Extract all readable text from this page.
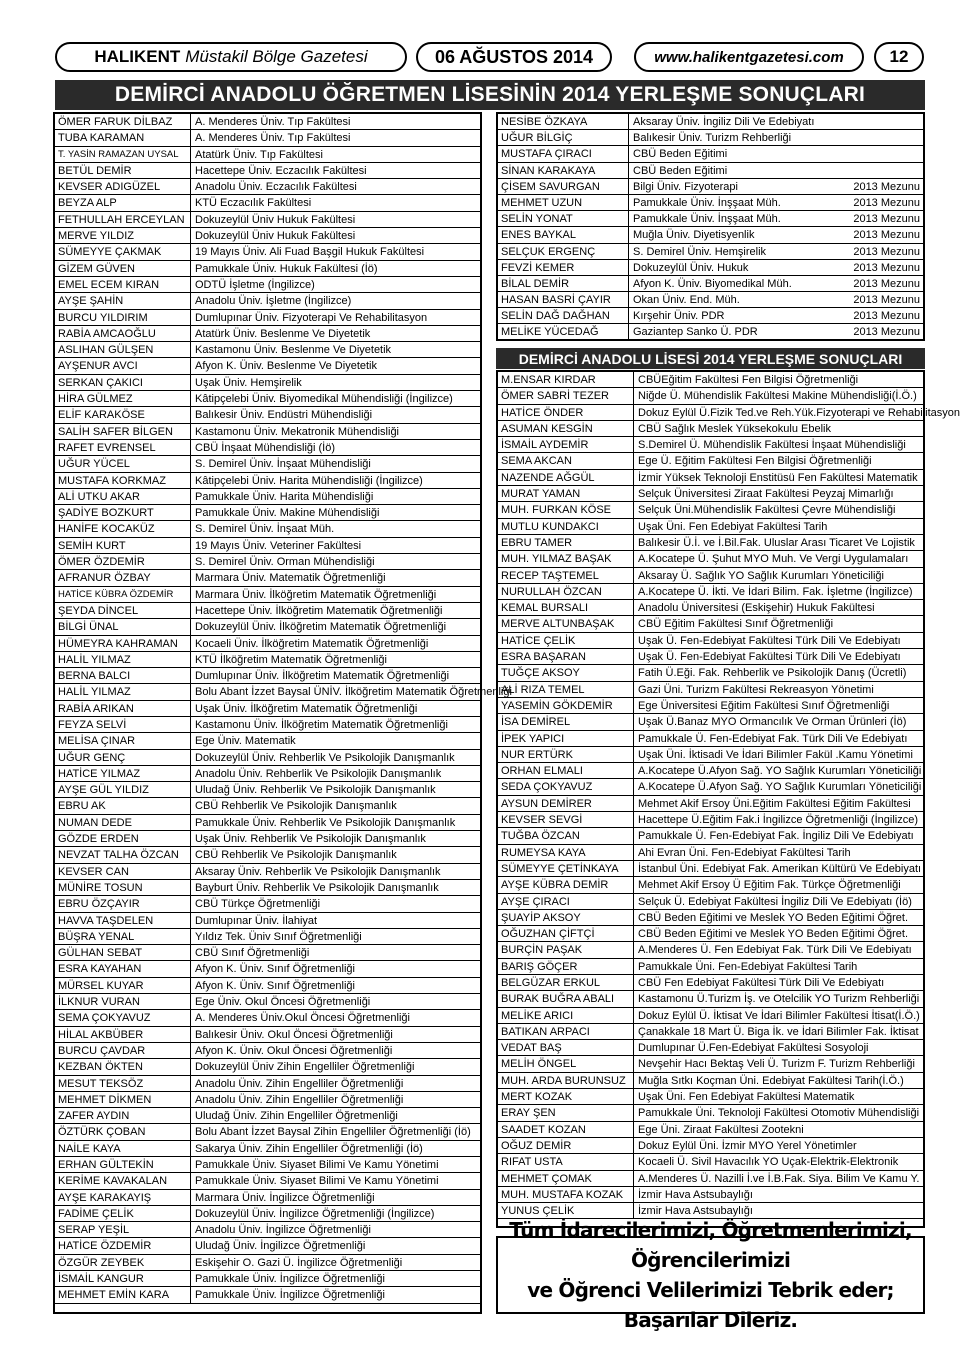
HALIKENT Müstakil Bölge Gazetesi	06 AĞUSTOS 2014	www.halikentgazetesi.com	12
DEMİRCİ ANADOLU ÖĞRETMEN LİSESİNİN 2014 YERLEŞME SONUÇLARI
ÖMER FARUK DİLBAZ	A. Menderes Üniv. Tıp Fakültesi
TUBA KARAMAN	A. Menderes Üniv. Tıp Fakültesi
T. YASİN RAMAZAN UYSAL	Atatürk Üniv. Tıp Fakültesi
BETÜL DEMİR	Hacettepe Üniv. Eczacılık Fakültesi
KEVSER ADIGÜZEL	Anadolu Üniv. Eczacılık Fakültesi
BEYZA ALP	KTÜ Eczacılık Fakültesi
FETHULLAH ERCEYLAN Dokuzeylül Üniv Hukuk Fakültesi
MERVE YILDIZ	Dokuzeylül Üniv Hukuk Fakültesi
SÜMEYYE ÇAKMAK	19 Mayıs Üniv. Ali Fuad Başgil Hukuk Fakültesi
GİZEM GÜVEN	Pamukkale Üniv. Hukuk Fakültesi (İö)
EMEL ECEM KIRAN	ODTÜ İşletme (İngilizce)
AYŞE ŞAHİN	Anadolu Üniv. İşletme (İngilizce)
BURCU YILDIRIM	Dumlupınar Üniv. Fizyoterapi Ve Rehabilitasyon
RABİA AMCAOĞLU	Atatürk Üniv. Beslenme Ve Diyetetik
ASLIHAN GÜLŞEN	Kastamonu Üniv. Beslenme Ve Diyetetik
AYŞENUR AVCI	Afyon K. Üniv. Beslenme Ve Diyetetik
SERKAN ÇAKICI	Uşak Üniv. Hemşirelik
HİRA GÜLMEZ	Kâtipçelebi Üniv. Biyomedikal Mühendisliği (İngilizce)
ELİF KARAKÖSE	Balıkesir Üniv. Endüstri Mühendisliği
SALİH SAFER BİLGEN	Kastamonu Üniv. Mekatronik Mühendisliği
RAFET EVRENSEL	CBÜ İnşaat Mühendisliği (İö)
UĞUR YÜCEL	S. Demirel Üniv. İnşaat Mühendisliği
MUSTAFA KORKMAZ	Kâtipçelebi Üniv. Harita Mühendisliği (İngilizce)
ALİ UTKU AKAR	Pamukkale Üniv. Harita Mühendisliği
ŞADİYE BOZKURT	Pamukkale Üniv. Makine Mühendisliği
HANİFE KOCAKÜZ	S. Demirel Üniv. İnşaat Müh.
SEMİH KURT	19 Mayıs Üniv. Veteriner Fakültesi
ÖMER ÖZDEMİR	S. Demirel Üniv. Orman Mühendisliği
AFRANUR ÖZBAY	Marmara Üniv. Matematik Öğretmenliği
HATİCE KÜBRA ÖZDEMİR	Marmara Üniv. İlköğretim Matematik Öğretmenliği
ŞEYDA DİNCEL	Hacettepe Üniv. İlköğretim Matematik Öğretmenliği
BİLGİ ÜNAL	Dokuzeylül Üniv. İlköğretim Matematik Öğretmenliği
HÜMEYRA KAHRAMAN	Kocaeli Üniv. İlköğretim Matematik Öğretmenliği
HALİL YILMAZ	KTÜ İlköğretim Matematik Öğretmenliği
BERNA BALCI	Dumlupınar Üniv. İlköğretim Matematik Öğretmenliği
HALİL YILMAZ	Bolu Abant İzzet Baysal ÜNİV. İlköğretim Matematik Öğretmenliği
RABİA ARIKAN	Uşak Üniv. İlköğretim Matematik Öğretmenliği
FEYZA SELVİ	Kastamonu Üniv. İlköğretim Matematik Öğretmenliği
MELİSA ÇINAR	Ege Üniv. Matematik
UĞUR GENÇ	Dokuzeylül Üniv. Rehberlik Ve Psikolojik Danışmanlık
HATİCE YILMAZ	Anadolu Üniv. Rehberlik Ve Psikolojik Danışmanlık
AYŞE GÜL YILDIZ	Uludağ Üniv. Rehberlik Ve Psikolojik Danışmanlık
EBRU AK	CBÜ Rehberlik Ve Psikolojik Danışmanlık
NUMAN DEDE	Pamukkale Üniv. Rehberlik Ve Psikolojik Danışmanlık
GÖZDE ERDEN	Uşak Üniv. Rehberlik Ve Psikolojik Danışmanlık
NEVZAT TALHA ÖZCAN	CBÜ Rehberlik Ve Psikolojik Danışmanlık
KEVSER CAN	Aksaray Üniv. Rehberlik Ve Psikolojik Danışmanlık
MÜNİRE TOSUN	Bayburt Üniv. Rehberlik Ve Psikolojik Danışmanlık
EBRU ÖZÇAYIR	CBÜ Türkçe Öğretmenliği
HAVVA TAŞDELEN	Dumlupınar Üniv. İlahiyat
BÜŞRA YENAL	Yıldız Tek. Üniv Sınıf Öğretmenliği
GÜLHAN SEBAT	CBÜ Sınıf Öğretmenliği
ESRA KAYAHAN	Afyon K. Üniv. Sınıf Öğretmenliği
MÜRSEL KUYAR	Afyon K. Üniv. Sınıf Öğretmenliği
İLKNUR VURAN	Ege Üniv. Okul Öncesi Öğretmenliği
SEMA ÇOKYAVUZ	A. Menderes Üniv.Okul Öncesi Öğretmenliği
HİLAL AKBÜBER	Balıkesir Üniv. Okul Öncesi Öğretmenliği
BURCU ÇAVDAR	Afyon K. Üniv. Okul Öncesi Öğretmenliği
KEZBAN ÖKTEN	Dokuzeylül Üniv Zihin Engelliler Öğretmenliği
MESUT TEKSÖZ	Anadolu Üniv. Zihin Engelliler Öğretmenliği
MEHMET DİKMEN	Anadolu Üniv. Zihin Engelliler Öğretmenliği
ZAFER AYDIN	Uludağ Üniv. Zihin Engelliler Öğretmenliği
ÖZTÜRK ÇOBAN	Bolu Abant İzzet Baysal Zihin Engelliler Öğretmenliği (İö)
NAİLE KAYA	Sakarya Üniv. Zihin Engelliler Öğretmenliği (İö)
ERHAN GÜLTEKİN	Pamukkale Üniv. Siyaset Bilimi Ve Kamu Yönetimi
KERİME KAVAKALAN	Pamukkale Üniv. Siyaset Bilimi Ve Kamu Yönetimi
AYŞE KARAKAYIŞ	Marmara Üniv. İngilizce Öğretmenliği
FADİME ÇELİK	Dokuzeylül Üniv. İngilizce Öğretmenliği (İngilizce)
SERAP YEŞİL	Anadolu Üniv. İngilizce Öğretmenliği
HATİCE ÖZDEMİR	Uludağ Üniv. İngilizce Öğretmenliği
ÖZGÜR ZEYBEK	Eskişehir O. Gazi Ü. İngilizce Öğretmenliği
İSMAİL KANGUR	Pamukkale Üniv. İngilizce Öğretmenliği
MEHMET EMİN KARA	Pamukkale Üniv. İngilizce Öğretmenliği
NESİBE ÖZKAYA	Aksaray Üniv. İngiliz Dili Ve Edebiyatı
UĞUR BİLGİÇ	Balıkesir Üniv. Turizm Rehberliği
MUSTAFA ÇIRACI	CBÜ Beden Eğitimi
SİNAN KARAKAYA	CBÜ Beden Eğitimi
ÇİSEM SAVURGAN	Bilgi Üniv. Fizyoterapi	2013 Mezunu
MEHMET UZUN	Pamukkale Üniv. İnşşaat Müh.	2013 Mezunu
SELİN YONAT	Pamukkale Üniv. İnşşaat Müh.	2013 Mezunu
ENES BAYKAL	Muğla Üniv. Diyetisyenlik	2013 Mezunu
SELÇUK ERGENÇ	S. Demirel Üniv. Hemşirelik	2013 Mezunu
FEVZİ KEMER	Dokuzeylül Üniv. Hukuk	2013 Mezunu
BİLAL DEMİR	Afyon K. Üniv. Biyomedikal Müh.	2013 Mezunu
HASAN BASRİ ÇAYIR	Okan Üniv. End. Müh.	2013 Mezunu
SELİN DAĞ DAĞHAN	Kırşehir Üniv. PDR	2013 Mezunu
MELİKE YÜCEDAĞ	Gaziantep Sanko Ü. PDR	2013 Mezunu
DEMİRCİ ANADOLU LİSESİ 2014 YERLEŞME SONUÇLARI
M.ENSAR KIRDAR	CBÜEğitim Fakültesi Fen Bilgisi Öğretmenliği
ÖMER SABRİ TEZER	Niğde Ü. Mühendislik Fakültesi Makine Mühendisliği(İ.Ö.)
HATİCE ÖNDER	Dokuz Eylül Ü.Fizik Ted.ve Reh.Yük.Fizyoterapi ve Rehabilitasyon
ASUMAN KESGİN	CBÜ Sağlık Meslek Yüksekokulu Ebelik
İSMAİL AYDEMİR	S.Demirel Ü. Mühendislik Fakültesi İnşaat Mühendisliği
SEMA AKCAN	Ege Ü. Eğitim Fakültesi Fen Bilgisi Öğretmenliği
NAZENDE AĞGÜL	İzmir Yüksek Teknoloji Enstitüsü Fen Fakültesi Matematik
MURAT YAMAN	Selçuk Üniversitesi Ziraat Fakültesi Peyzaj Mimarlığı
MUH. FURKAN KÖSE	Selçuk Üni.Mühendislik Fakültesi Çevre Mühendisliği
MUTLU KUNDAKCI	Uşak Üni. Fen Edebiyat Fakültesi Tarih
EBRU TAMER	Balıkesir Ü.İ. ve İ.Bil.Fak. Uluslar Arası Ticaret Ve Lojistik
MUH. YILMAZ BAŞAK	A.Kocatepe Ü. Şuhut MYO Muh. Ve Vergi Uygulamaları
RECEP TAŞTEMEL	Aksaray Ü. Sağlık YO Sağlık Kurumları Yöneticiliği
NURULLAH ÖZCAN	A.Kocatepe Ü. İkti. Ve İdari Bilim. Fak. İşletme (İngilizce)
KEMAL BURSALI	Anadolu Üniversitesi (Eskişehir) Hukuk Fakültesi
MERVE ALTUNBAŞAK	CBÜ Eğitim Fakültesi Sınıf Öğretmenliği
HATİCE ÇELİK	Uşak Ü. Fen-Edebiyat Fakültesi Türk Dili Ve Edebiyatı
ESRA BAŞARAN	Uşak Ü. Fen-Edebiyat Fakültesi Türk Dili Ve Edebiyatı
TUĞÇE AKSOY	Fatih Ü.Eği. Fak. Rehberlik ve Psikolojik Danış (Ücretli)
ALİ RIZA TEMEL	Gazi Üni. Turizm Fakültesi Rekreasyon Yönetimi
YASEMİN GÖKDEMİR	Ege Üniversitesi Eğitim Fakültesi Sınıf Öğretmenliği
İSA DEMİREL	Uşak Ü.Banaz MYO Ormancılık Ve Orman Ürünleri (İö)
İPEK YAPICI	Pamukkale Ü. Fen-Edebiyat Fak. Türk Dili Ve Edebiyatı
NUR ERTÜRK	Uşak Üni. İktisadi Ve İdari Bilimler Fakül .Kamu Yönetimi
ORHAN ELMALI	A.Kocatepe Ü.Afyon Sağ. YO Sağlık Kurumları Yöneticiliği
SEDA ÇOKYAVUZ	A.Kocatepe Ü.Afyon Sağ. YO Sağlık Kurumları Yöneticiliği
AYSUN DEMİRER	Mehmet Akif Ersoy Üni.Eğitim Fakültesi Eğitim Fakültesi
KEVSER SEVGİ	Hacettepe Ü.Eğitim Fak.i İngilizce Öğretmenliği (İngilizce)
TUĞBA ÖZCAN	Pamukkale Ü. Fen-Edebiyat Fak. İngiliz Dili Ve Edebiyatı
RUMEYSA KAYA	Ahi Evran Üni. Fen-Edebiyat Fakültesi Tarih
SÜMEYYE ÇETİNKAYA	İstanbul Üni. Edebiyat Fak. Amerikan Kültürü Ve Edebiyatı
AYŞE KÜBRA DEMİR	Mehmet Akif Ersoy Ü Eğitim Fak. Türkçe Öğretmenliği
AYŞE ÇIRACI	Selçuk Ü. Edebiyat Fakültesi İngiliz Dili Ve Edebiyatı (İö)
ŞUAYİP AKSOY	CBÜ Beden Eğitimi ve Meslek YO Beden Eğitimi Öğret.
OĞUZHAN ÇİFTÇİ	CBÜ Beden Eğitimi ve Meslek YO Beden Eğitimi Öğret.
BURÇİN PAŞAK	A.Menderes Ü. Fen Edebiyat Fak. Türk Dili Ve Edebiyatı
BARIŞ GÖÇER	Pamukkale Üni. Fen-Edebiyat Fakültesi Tarih
BELGÜZAR ERKUL	CBÜ Fen Edebiyat Fakültesi Türk Dili Ve Edebiyatı
BURAK BUĞRA ABALI	Kastamonu Ü.Turizm İş. ve Otelcilik YO Turizm Rehberliği
MELİKE ARICI	Dokuz Eylül Ü. İktisat Ve İdari Bilimler Fakültesi İtisat(İ.Ö.)
BATIKAN ARPACI	Çanakkale 18 Mart Ü. Biga İk. ve İdari Bilimler Fak. İktisat
VEDAT BAŞ	Dumlupınar Ü.Fen-Edebiyat Fakültesi Sosyoloji
MELİH ÖNGEL	Nevşehir Hacı Bektaş Veli Ü. Turizm F. Turizm Rehberliği
MUH. ARDA BURUNSUZ	Muğla Sıtkı Koçman Üni. Edebiyat Fakültesi Tarih(İ.Ö.)
MERT KOZAK	Uşak Üni. Fen Edebiyat Fakültesi Matematik
ERAY ŞEN	Pamukkale Üni. Teknoloji Fakültesi Otomotiv Mühendisliği
SAADET KOZAN	Ege Üni. Ziraat Fakültesi Zootekni
OĞUZ DEMİR	Dokuz Eylül Üni. İzmir MYO Yerel Yönetimler
RIFAT USTA	Kocaeli Ü. Sivil Havacılık YO Uçak-Elektrik-Elektronik
MEHMET ÇOMAK	A.Menderes Ü. Nazilli İ.ve İ.B.Fak. Siya. Bilim Ve Kamu Y.
MUH. MUSTAFA KOZAK	İzmir Hava Astsubaylığı
YUNUS ÇELİK	İzmir Hava Astsubaylığı
Tüm İdarecilerimizi, Öğretmenlerimizi, Öğrencilerimizi
ve Öğrenci Velilerimizi Tebrik eder; Başarılar Dileriz.
